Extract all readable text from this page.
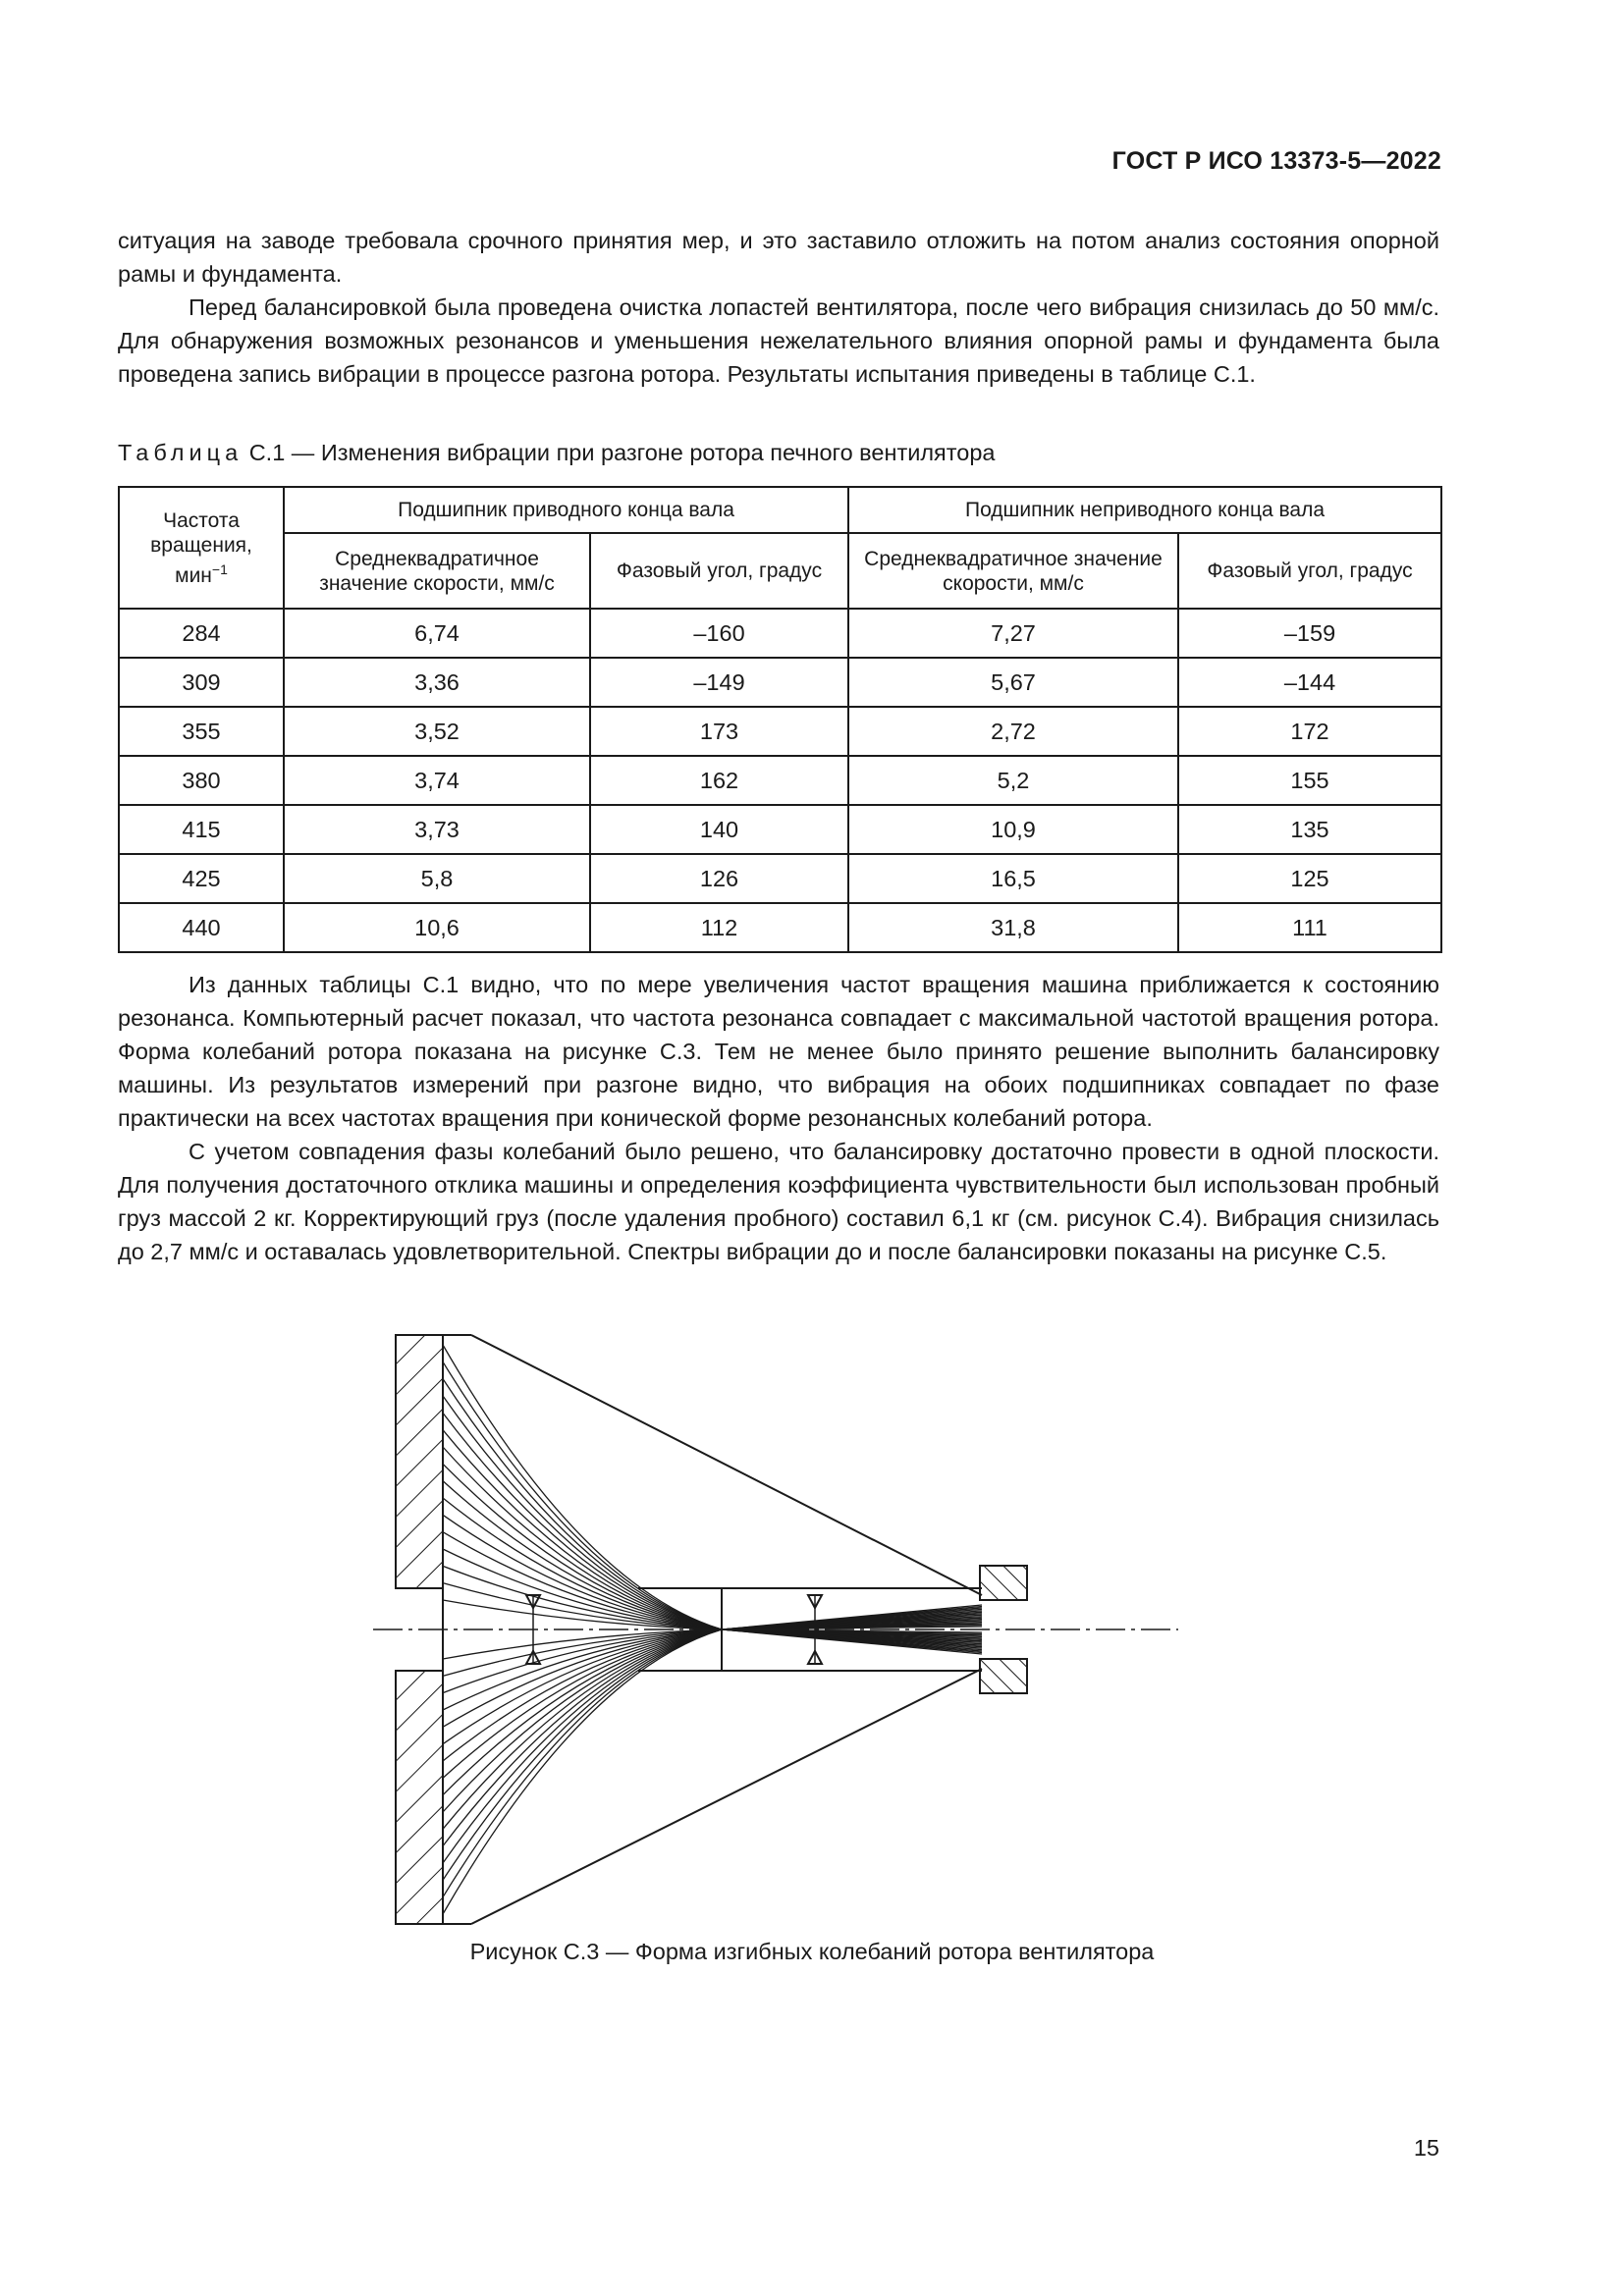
ГОСТ Р ИСО 13373-5—2022

ситуация на заводе требовала срочного принятия мер, и это заставило отложить на потом анализ состояния опорной рамы и фундамента.

Перед балансировкой была проведена очистка лопастей вентилятора, после чего вибрация снизилась до 50 мм/с. Для обнаружения возможных резонансов и уменьшения нежелательного влияния опорной рамы и фундамента была проведена запись вибрации в процессе разгона ротора. Результаты испытания приведены в таблице С.1.

Таблица С.1 — Изменения вибрации при разгоне ротора печного вентилятора
Частота вращения, мин$^{-1}$	Подшипник приводного конца вала		Подшипник неприводного конца вала	
	Среднеквадратичное значение скорости, мм/с	Фазовый угол, градус	Среднеквадратичное значение скорости, мм/с	Фазовый угол, градус
284	6,74	–160	7,27	–159
309	3,36	–149	5,67	–144
355	3,52	173	2,72	172
380	3,74	162	5,2	155
415	3,73	140	10,9	135
425	5,8	126	16,5	125
440	10,6	112	31,8	111

Из данных таблицы С.1 видно, что по мере увеличения частот вращения машина приближается к состоянию резонанса. Компьютерный расчет показал, что частота резонанса совпадает с максимальной частотой вращения ротора. Форма колебаний ротора показана на рисунке С.3. Тем не менее было принято решение выполнить балансировку машины. Из результатов измерений при разгоне видно, что вибрация на обоих подшипниках совпадает по фазе практически на всех частотах вращения при конической форме резонансных колебаний ротора.

С учетом совпадения фазы колебаний было решено, что балансировку достаточно провести в одной плоскости. Для получения достаточного отклика машины и определения коэффициента чувствительности был использован пробный груз массой 2 кг. Корректирующий груз (после удаления пробного) составил 6,1 кг (см. рисунок С.4). Вибрация снизилась до 2,7 мм/с и оставалась удовлетворительной. Спектры вибрации до и после балансировки показаны на рисунке С.5.

Рисунок С.3 — Форма изгибных колебаний ротора вентилятора
15
